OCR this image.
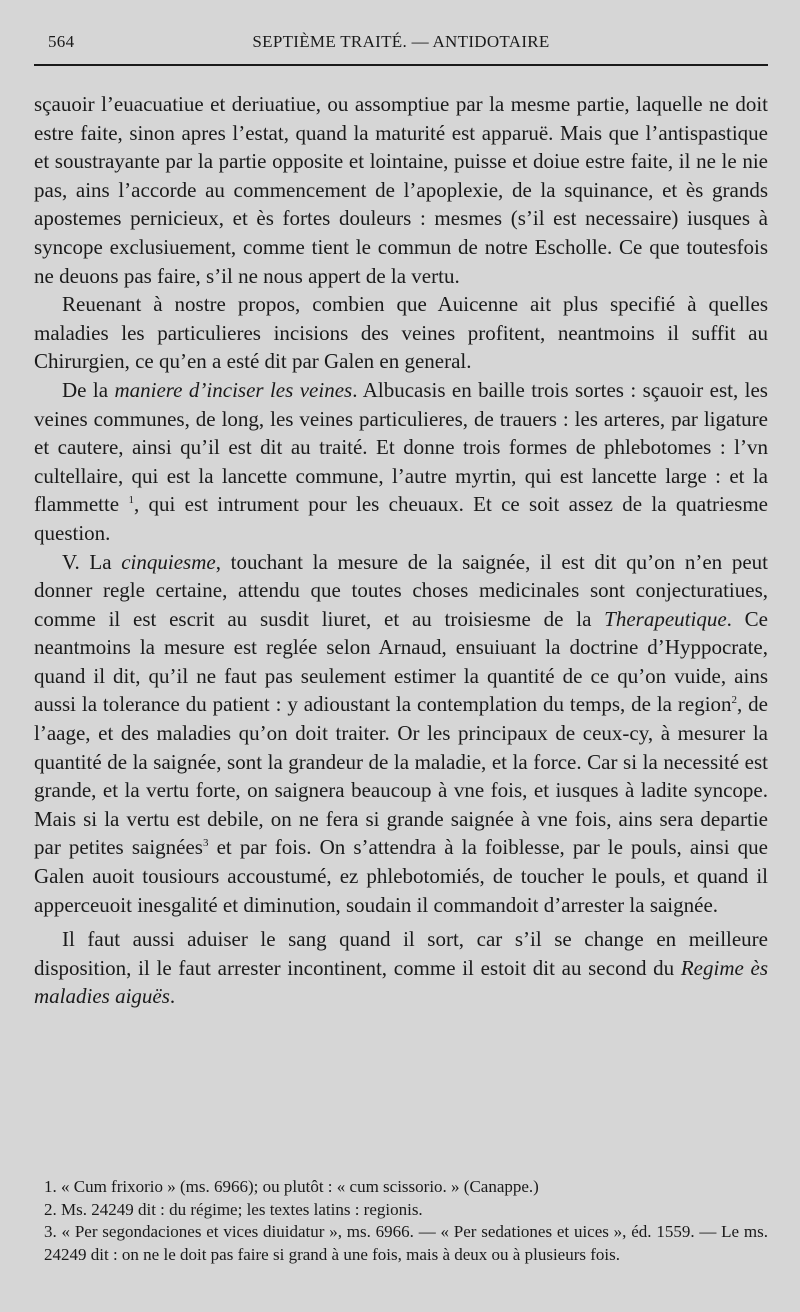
564	SEPTIÈME TRAITÉ. — ANTIDOTAIRE

sçauoir l’euacuatiue et deriuatiue, ou assomptiue par la mesme partie, laquelle ne doit estre faite, sinon apres l’estat, quand la maturité est apparuë. Mais que l’antispastique et soustrayante par la partie opposite et lointaine, puisse et doiue estre faite, il ne le nie pas, ains l’accorde au commencement de l’apoplexie, de la squinance, et ès grands apostemes pernicieux, et ès fortes douleurs : mesmes (s’il est necessaire) iusques à syncope exclusiuement, comme tient le commun de notre Escholle. Ce que toutesfois ne deuons pas faire, s’il ne nous appert de la vertu.

Reuenant à nostre propos, combien que Auicenne ait plus specifié à quelles maladies les particulieres incisions des veines profitent, neantmoins il suffit au Chirurgien, ce qu’en a esté dit par Galen en general.

De la maniere d’inciser les veines. Albucasis en baille trois sortes : sçauoir est, les veines communes, de long, les veines particulieres, de trauers : les arteres, par ligature et cautere, ainsi qu’il est dit au traité. Et donne trois formes de phlebotomes : l’vn cultellaire, qui est la lancette commune, l’autre myrtin, qui est lancette large : et la flammette $^1$, qui est intrument pour les cheuaux. Et ce soit assez de la quatriesme question.

V. La cinquiesme, touchant la mesure de la saignée, il est dit qu’on n’en peut donner regle certaine, attendu que toutes choses medicinales sont conjecturatiues, comme il est escrit au susdit liuret, et au troisiesme de la Therapeutique. Ce neantmoins la mesure est reglée selon Arnaud, ensuiuant la doctrine d’Hyppocrate, quand il dit, qu’il ne faut pas seulement estimer la quantité de ce qu’on vuide, ains aussi la tolerance du patient : y adioustant la contemplation du temps, de la region$^2$, de l’aage, et des maladies qu’on doit traiter. Or les principaux de ceux-cy, à mesurer la quantité de la saignée, sont la grandeur de la maladie, et la force. Car si la necessité est grande, et la vertu forte, on saignera beaucoup à vne fois, et iusques à ladite syncope. Mais si la vertu est debile, on ne fera si grande saignée à vne fois, ains sera departie par petites saignées$^3$ et par fois. On s’attendra à la foiblesse, par le pouls, ainsi que Galen auoit tousiours accoustumé, ez phlebotomiés, de toucher le pouls, et quand il apperceuoit inesgalité et diminution, soudain il commandoit d’arrester la saignée.

Il faut aussi aduiser le sang quand il sort, car s’il se change en meilleure disposition, il le faut arrester incontinent, comme il estoit dit au second du Regime ès maladies aiguës.

1. « Cum frixorio » (ms. 6966); ou plutôt : « cum scissorio. » (Canappe.)

2. Ms. 24249 dit : du régime; les textes latins : regionis.

3. « Per segondaciones et vices diuidatur », ms. 6966. — « Per sedationes et uices », éd. 1559. — Le ms. 24249 dit : on ne le doit pas faire si grand à une fois, mais à deux ou à plusieurs fois.
